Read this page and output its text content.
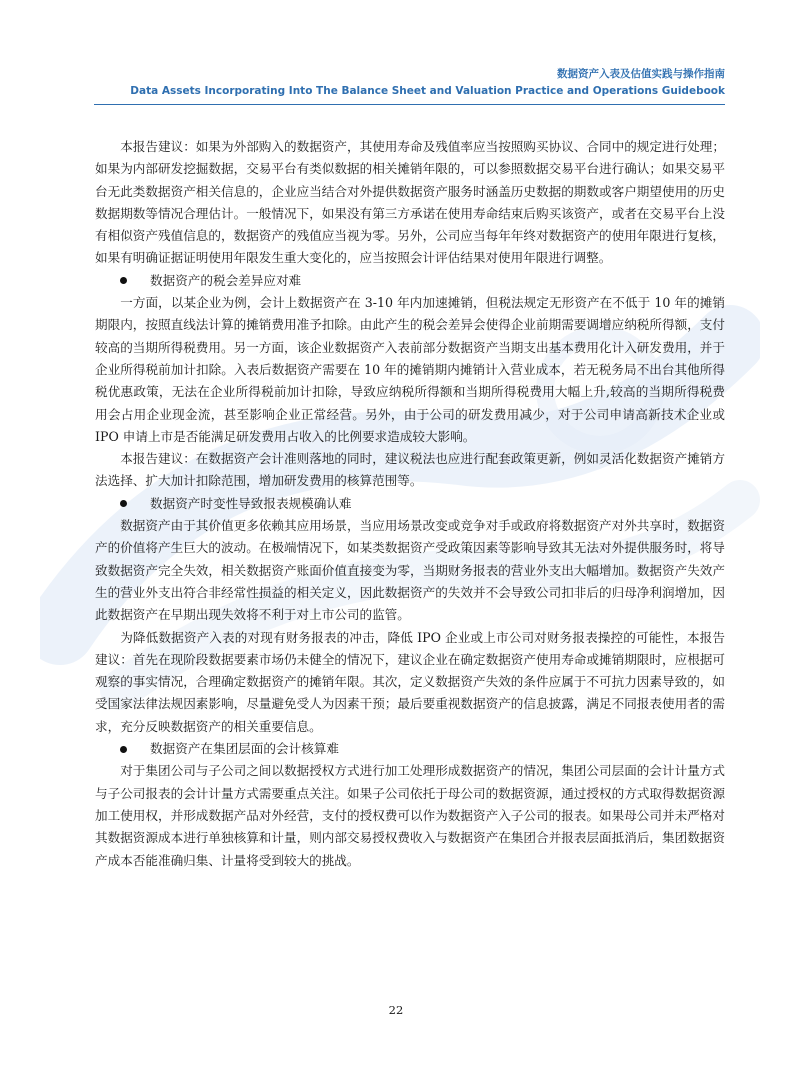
数据资产入表及估值实践与操作指南
Data Assets Incorporating Into The Balance Sheet and Valuation Practice and Operations Guidebook

本报告建议：如果为外部购入的数据资产，其使用寿命及残值率应当按照购买协议、合同中的规定进行处理；如果为内部研发挖掘数据，交易平台有类似数据的相关摊销年限的，可以参照数据交易平台进行确认；如果交易平台无此类数据资产相关信息的，企业应当结合对外提供数据资产服务时涵盖历史数据的期数或客户期望使用的历史数据期数等情况合理估计。一般情况下，如果没有第三方承诺在使用寿命结束后购买该资产，或者在交易平台上没有相似资产残值信息的，数据资产的残值应当视为零。另外，公司应当每年年终对数据资产的使用年限进行复核，如果有明确证据证明使用年限发生重大变化的，应当按照会计评估结果对使用年限进行调整。

数据资产的税会差异应对难

一方面，以某企业为例，会计上数据资产在 3-10 年内加速摊销，但税法规定无形资产在不低于 10 年的摊销期限内，按照直线法计算的摊销费用准予扣除。由此产生的税会差异会使得企业前期需要调增应纳税所得额，支付较高的当期所得税费用。另一方面，该企业数据资产入表前部分数据资产当期支出基本费用化计入研发费用，并于企业所得税前加计扣除。入表后数据资产需要在 10 年的摊销期内摊销计入营业成本，若无税务局不出台其他所得税优惠政策，无法在企业所得税前加计扣除，导致应纳税所得额和当期所得税费用大幅上升,较高的当期所得税费用会占用企业现金流，甚至影响企业正常经营。另外，由于公司的研发费用减少，对于公司申请高新技术企业或 IPO 申请上市是否能满足研发费用占收入的比例要求造成较大影响。

本报告建议：在数据资产会计准则落地的同时，建议税法也应进行配套政策更新，例如灵活化数据资产摊销方法选择、扩大加计扣除范围，增加研发费用的核算范围等。

数据资产时变性导致报表规模确认难

数据资产由于其价值更多依赖其应用场景，当应用场景改变或竞争对手或政府将数据资产对外共享时，数据资产的价值将产生巨大的波动。在极端情况下，如某类数据资产受政策因素等影响导致其无法对外提供服务时，将导致数据资产完全失效，相关数据资产账面价值直接变为零，当期财务报表的营业外支出大幅增加。数据资产失效产生的营业外支出符合非经常性损益的相关定义，因此数据资产的失效并不会导致公司扣非后的归母净利润增加，因此数据资产在早期出现失效将不利于对上市公司的监管。

为降低数据资产入表的对现有财务报表的冲击，降低 IPO 企业或上市公司对财务报表操控的可能性，本报告建议：首先在现阶段数据要素市场仍未健全的情况下，建议企业在确定数据资产使用寿命或摊销期限时，应根据可观察的事实情况，合理确定数据资产的摊销年限。其次，定义数据资产失效的条件应属于不可抗力因素导致的，如受国家法律法规因素影响，尽量避免受人为因素干预；最后要重视数据资产的信息披露，满足不同报表使用者的需求，充分反映数据资产的相关重要信息。

数据资产在集团层面的会计核算难

对于集团公司与子公司之间以数据授权方式进行加工处理形成数据资产的情况，集团公司层面的会计计量方式与子公司报表的会计计量方式需要重点关注。如果子公司依托于母公司的数据资源，通过授权的方式取得数据资源加工使用权，并形成数据产品对外经营，支付的授权费可以作为数据资产入子公司的报表。如果母公司并未严格对其数据资源成本进行单独核算和计量，则内部交易授权费收入与数据资产在集团合并报表层面抵消后，集团数据资产成本否能准确归集、计量将受到较大的挑战。

22
